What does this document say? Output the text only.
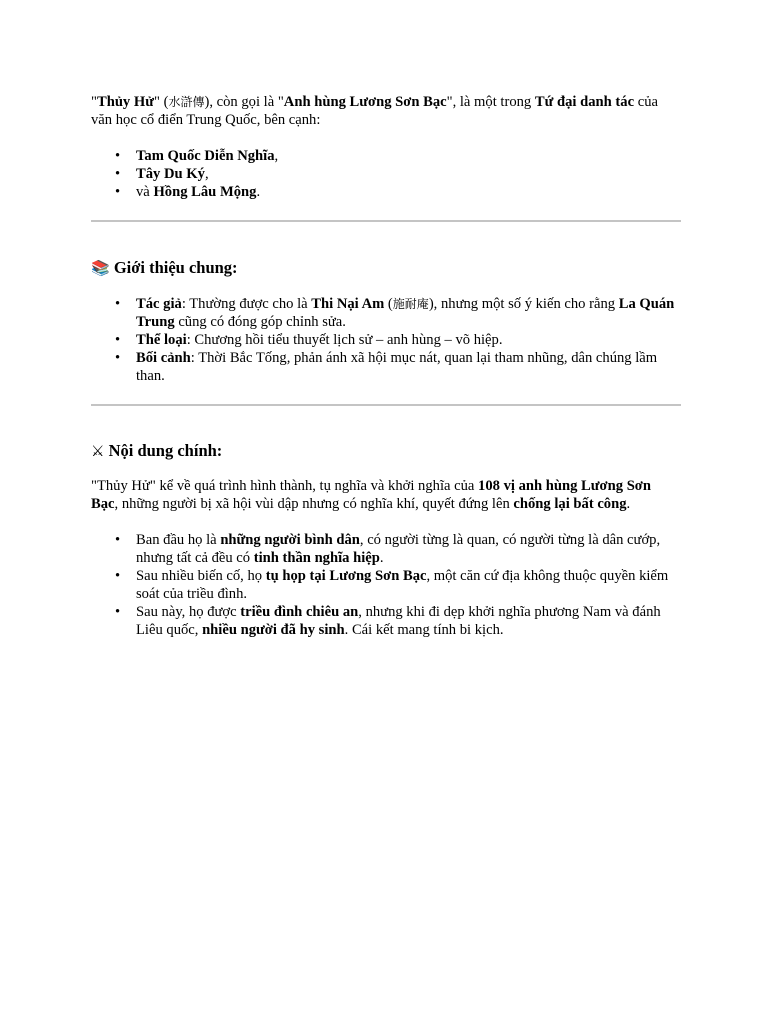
"Thủy Hử" (水滸傳), còn gọi là "Anh hùng Lương Sơn Bạc", là một trong Tứ đại danh tác của văn học cổ điển Trung Quốc, bên cạnh:

• Tam Quốc Diễn Nghĩa,
• Tây Du Ký,
• và Hồng Lâu Mộng.
📚 Giới thiệu chung:
• Tác giả: Thường được cho là Thi Nại Am (施耐庵), nhưng một số ý kiến cho rằng La Quán Trung cũng có đóng góp chỉnh sửa.
• Thể loại: Chương hồi tiểu thuyết lịch sử – anh hùng – võ hiệp.
• Bối cảnh: Thời Bắc Tống, phản ánh xã hội mục nát, quan lại tham nhũng, dân chúng lầm than.
⚔ Nội dung chính:

"Thủy Hử" kể về quá trình hình thành, tụ nghĩa và khởi nghĩa của 108 vị anh hùng Lương Sơn Bạc, những người bị xã hội vùi dập nhưng có nghĩa khí, quyết đứng lên chống lại bất công.

• Ban đầu họ là những người bình dân, có người từng là quan, có người từng là dân cướp, nhưng tất cả đều có tinh thần nghĩa hiệp.
• Sau nhiều biến cố, họ tụ họp tại Lương Sơn Bạc, một căn cứ địa không thuộc quyền kiểm soát của triều đình.
• Sau này, họ được triều đình chiêu an, nhưng khi đi dẹp khởi nghĩa phương Nam và đánh Liêu quốc, nhiều người đã hy sinh. Cái kết mang tính bi kịch.
